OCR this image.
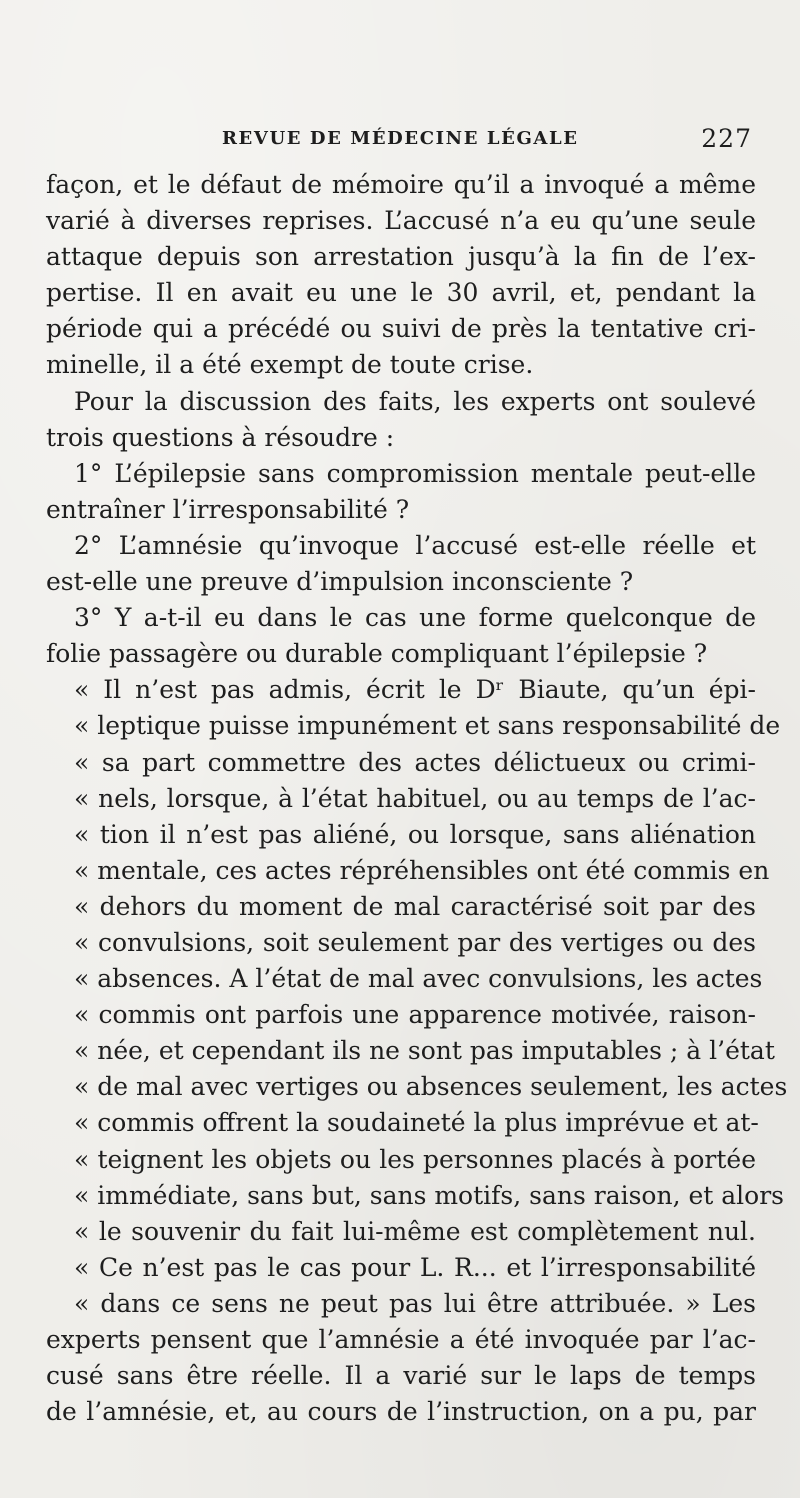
REVUE DE MÉDECINE LÉGALE	227
façon, et le défaut de mémoire qu’il a invoqué a même
varié à diverses reprises. L’accusé n’a eu qu’une seule
attaque depuis son arrestation jusqu’à la fin de l’ex-
pertise. Il en avait eu une le 30 avril, et, pendant la
période qui a précédé ou suivi de près la tentative cri-
minelle, il a été exempt de toute crise.
Pour la discussion des faits, les experts ont soulevé
trois questions à résoudre :
1° L’épilepsie sans compromission mentale peut-elle
entraîner l’irresponsabilité ?
2° L’amnésie qu’invoque l’accusé est-elle réelle et
est-elle une preuve d’impulsion inconsciente ?
3° Y a-t-il eu dans le cas une forme quelconque de
folie passagère ou durable compliquant l’épilepsie ?
« Il n’est pas admis, écrit le Dʳ Biaute, qu’un épi-
« leptique puisse impunément et sans responsabilité de
« sa part commettre des actes délictueux ou crimi-
« nels, lorsque, à l’état habituel, ou au temps de l’ac-
« tion il n’est pas aliéné, ou lorsque, sans aliénation
« mentale, ces actes répréhensibles ont été commis en
« dehors du moment de mal caractérisé soit par des
« convulsions, soit seulement par des vertiges ou des
« absences. A l’état de mal avec convulsions, les actes
« commis ont parfois une apparence motivée, raison-
« née, et cependant ils ne sont pas imputables ; à l’état
« de mal avec vertiges ou absences seulement, les actes
« commis offrent la soudaineté la plus imprévue et at-
« teignent les objets ou les personnes placés à portée
« immédiate, sans but, sans motifs, sans raison, et alors
« le souvenir du fait lui-même est complètement nul.
« Ce n’est pas le cas pour L. R... et l’irresponsabilité
« dans ce sens ne peut pas lui être attribuée. » Les
experts pensent que l’amnésie a été invoquée par l’ac-
cusé sans être réelle. Il a varié sur le laps de temps
de l’amnésie, et, au cours de l’instruction, on a pu, par
